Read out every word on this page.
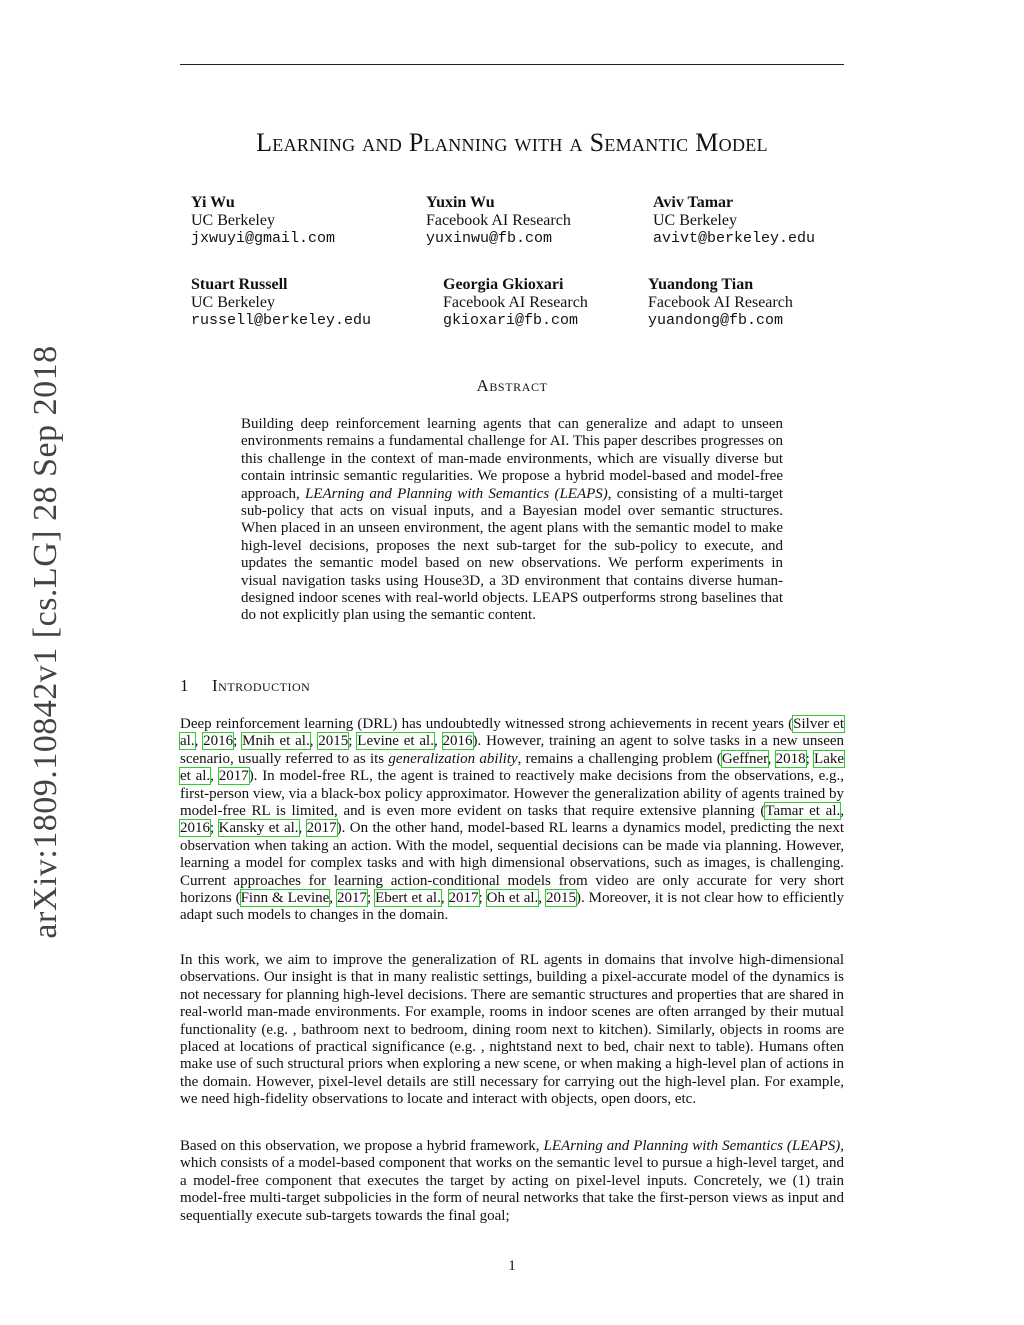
arXiv:1809.10842v1 [cs.LG] 28 Sep 2018
Learning and Planning with a Semantic Model
Yi Wu
UC Berkeley
jxwuyi@gmail.com
Yuxin Wu
Facebook AI Research
yuxinwu@fb.com
Aviv Tamar
UC Berkeley
avivt@berkeley.edu
Stuart Russell
UC Berkeley
russell@berkeley.edu
Georgia Gkioxari
Facebook AI Research
gkioxari@fb.com
Yuandong Tian
Facebook AI Research
yuandong@fb.com
Abstract

Building deep reinforcement learning agents that can generalize and adapt to unseen environments remains a fundamental challenge for AI. This paper describes progresses on this challenge in the context of man-made environments, which are visually diverse but contain intrinsic semantic regularities. We propose a hybrid model-based and model-free approach, LEArning and Planning with Semantics (LEAPS), consisting of a multi-target sub-policy that acts on visual inputs, and a Bayesian model over semantic structures. When placed in an unseen environment, the agent plans with the semantic model to make high-level decisions, proposes the next sub-target for the sub-policy to execute, and updates the semantic model based on new observations. We perform experiments in visual navigation tasks using House3D, a 3D environment that contains diverse human-designed indoor scenes with real-world objects. LEAPS outperforms strong baselines that do not explicitly plan using the semantic content.

1 Introduction

Deep reinforcement learning (DRL) has undoubtedly witnessed strong achievements in recent years (Silver et al., 2016; Mnih et al., 2015; Levine et al., 2016). However, training an agent to solve tasks in a new unseen scenario, usually referred to as its generalization ability, remains a challenging problem (Geffner, 2018; Lake et al., 2017). In model-free RL, the agent is trained to reactively make decisions from the observations, e.g., first-person view, via a black-box policy approximator. However the generalization ability of agents trained by model-free RL is limited, and is even more evident on tasks that require extensive planning (Tamar et al., 2016; Kansky et al., 2017). On the other hand, model-based RL learns a dynamics model, predicting the next observation when taking an action. With the model, sequential decisions can be made via planning. However, learning a model for complex tasks and with high dimensional observations, such as images, is challenging. Current approaches for learning action-conditional models from video are only accurate for very short horizons (Finn & Levine, 2017; Ebert et al., 2017; Oh et al., 2015). Moreover, it is not clear how to efficiently adapt such models to changes in the domain.

In this work, we aim to improve the generalization of RL agents in domains that involve high-dimensional observations. Our insight is that in many realistic settings, building a pixel-accurate model of the dynamics is not necessary for planning high-level decisions. There are semantic structures and properties that are shared in real-world man-made environments. For example, rooms in indoor scenes are often arranged by their mutual functionality (e.g. , bathroom next to bedroom, dining room next to kitchen). Similarly, objects in rooms are placed at locations of practical significance (e.g. , nightstand next to bed, chair next to table). Humans often make use of such structural priors when exploring a new scene, or when making a high-level plan of actions in the domain. However, pixel-level details are still necessary for carrying out the high-level plan. For example, we need high-fidelity observations to locate and interact with objects, open doors, etc.

Based on this observation, we propose a hybrid framework, LEArning and Planning with Semantics (LEAPS), which consists of a model-based component that works on the semantic level to pursue a high-level target, and a model-free component that executes the target by acting on pixel-level inputs. Concretely, we (1) train model-free multi-target subpolicies in the form of neural networks that take the first-person views as input and sequentially execute sub-targets towards the final goal;

1
